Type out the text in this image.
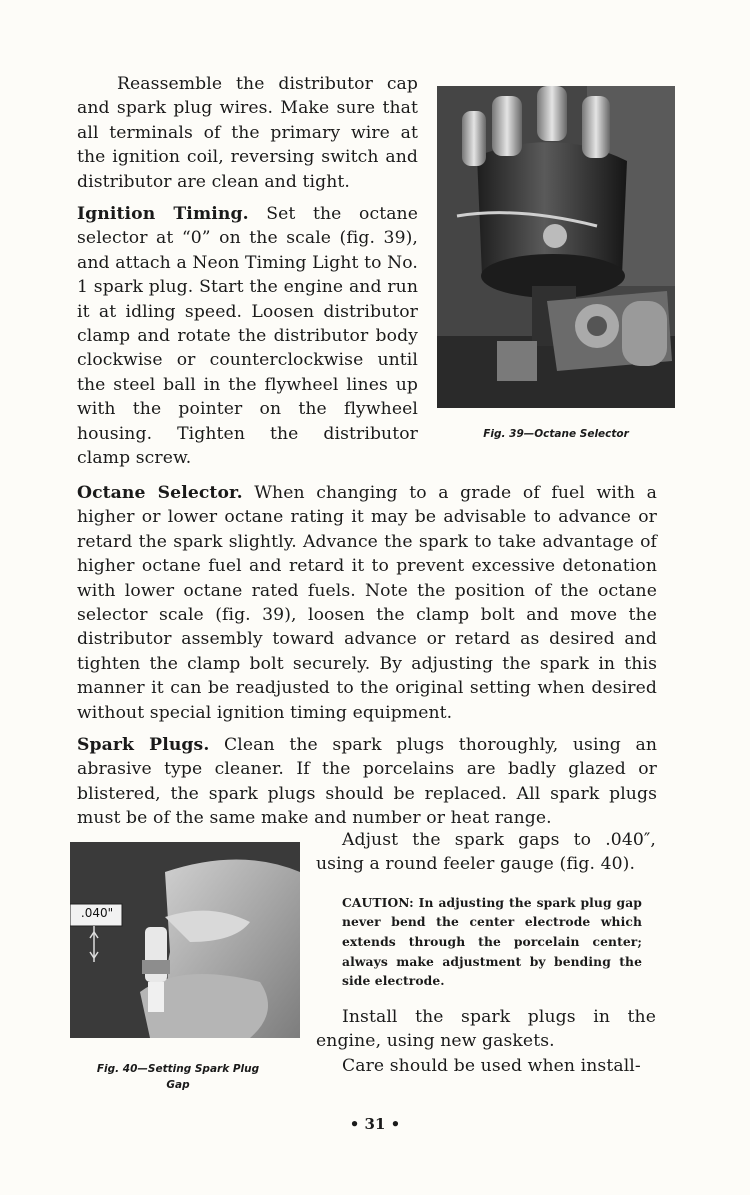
Reassemble the distributor cap and spark plug wires. Make sure that all terminals of the primary wire at the ignition coil, reversing switch and distributor are clean and tight.

Ignition Timing. Set the octane selector at “0” on the scale (fig. 39), and attach a Neon Timing Light to No. 1 spark plug. Start the engine and run it at idling speed. Loosen distributor clamp and rotate the distributor body clockwise or counterclockwise until the steel ball in the flywheel lines up with the pointer on the flywheel housing. Tighten the distributor clamp screw.

Fig. 39—Octane Selector

Octane Selector. When changing to a grade of fuel with a higher or lower octane rating it may be advisable to advance or retard the spark slightly. Advance the spark to take advantage of higher octane fuel and retard it to prevent excessive detonation with lower octane rated fuels. Note the position of the octane selector scale (fig. 39), loosen the clamp bolt and move the distributor assembly toward advance or retard as desired and tighten the clamp bolt securely. By adjusting the spark in this manner it can be readjusted to the original setting when desired without special ignition timing equipment.

Spark Plugs. Clean the spark plugs thoroughly, using an abrasive type cleaner. If the porcelains are badly glazed or blistered, the spark plugs should be replaced. All spark plugs must be of the same make and number or heat range.

.040"
Fig. 40—Setting Spark Plug
Gap

Adjust the spark gaps to .040″, using a round feeler gauge (fig. 40).

CAUTION: In adjusting the spark plug gap never bend the center electrode which extends through the porcelain center; always make adjustment by bending the side electrode.

Install the spark plugs in the engine, using new gaskets.

Care should be used when install-

• 31 •
